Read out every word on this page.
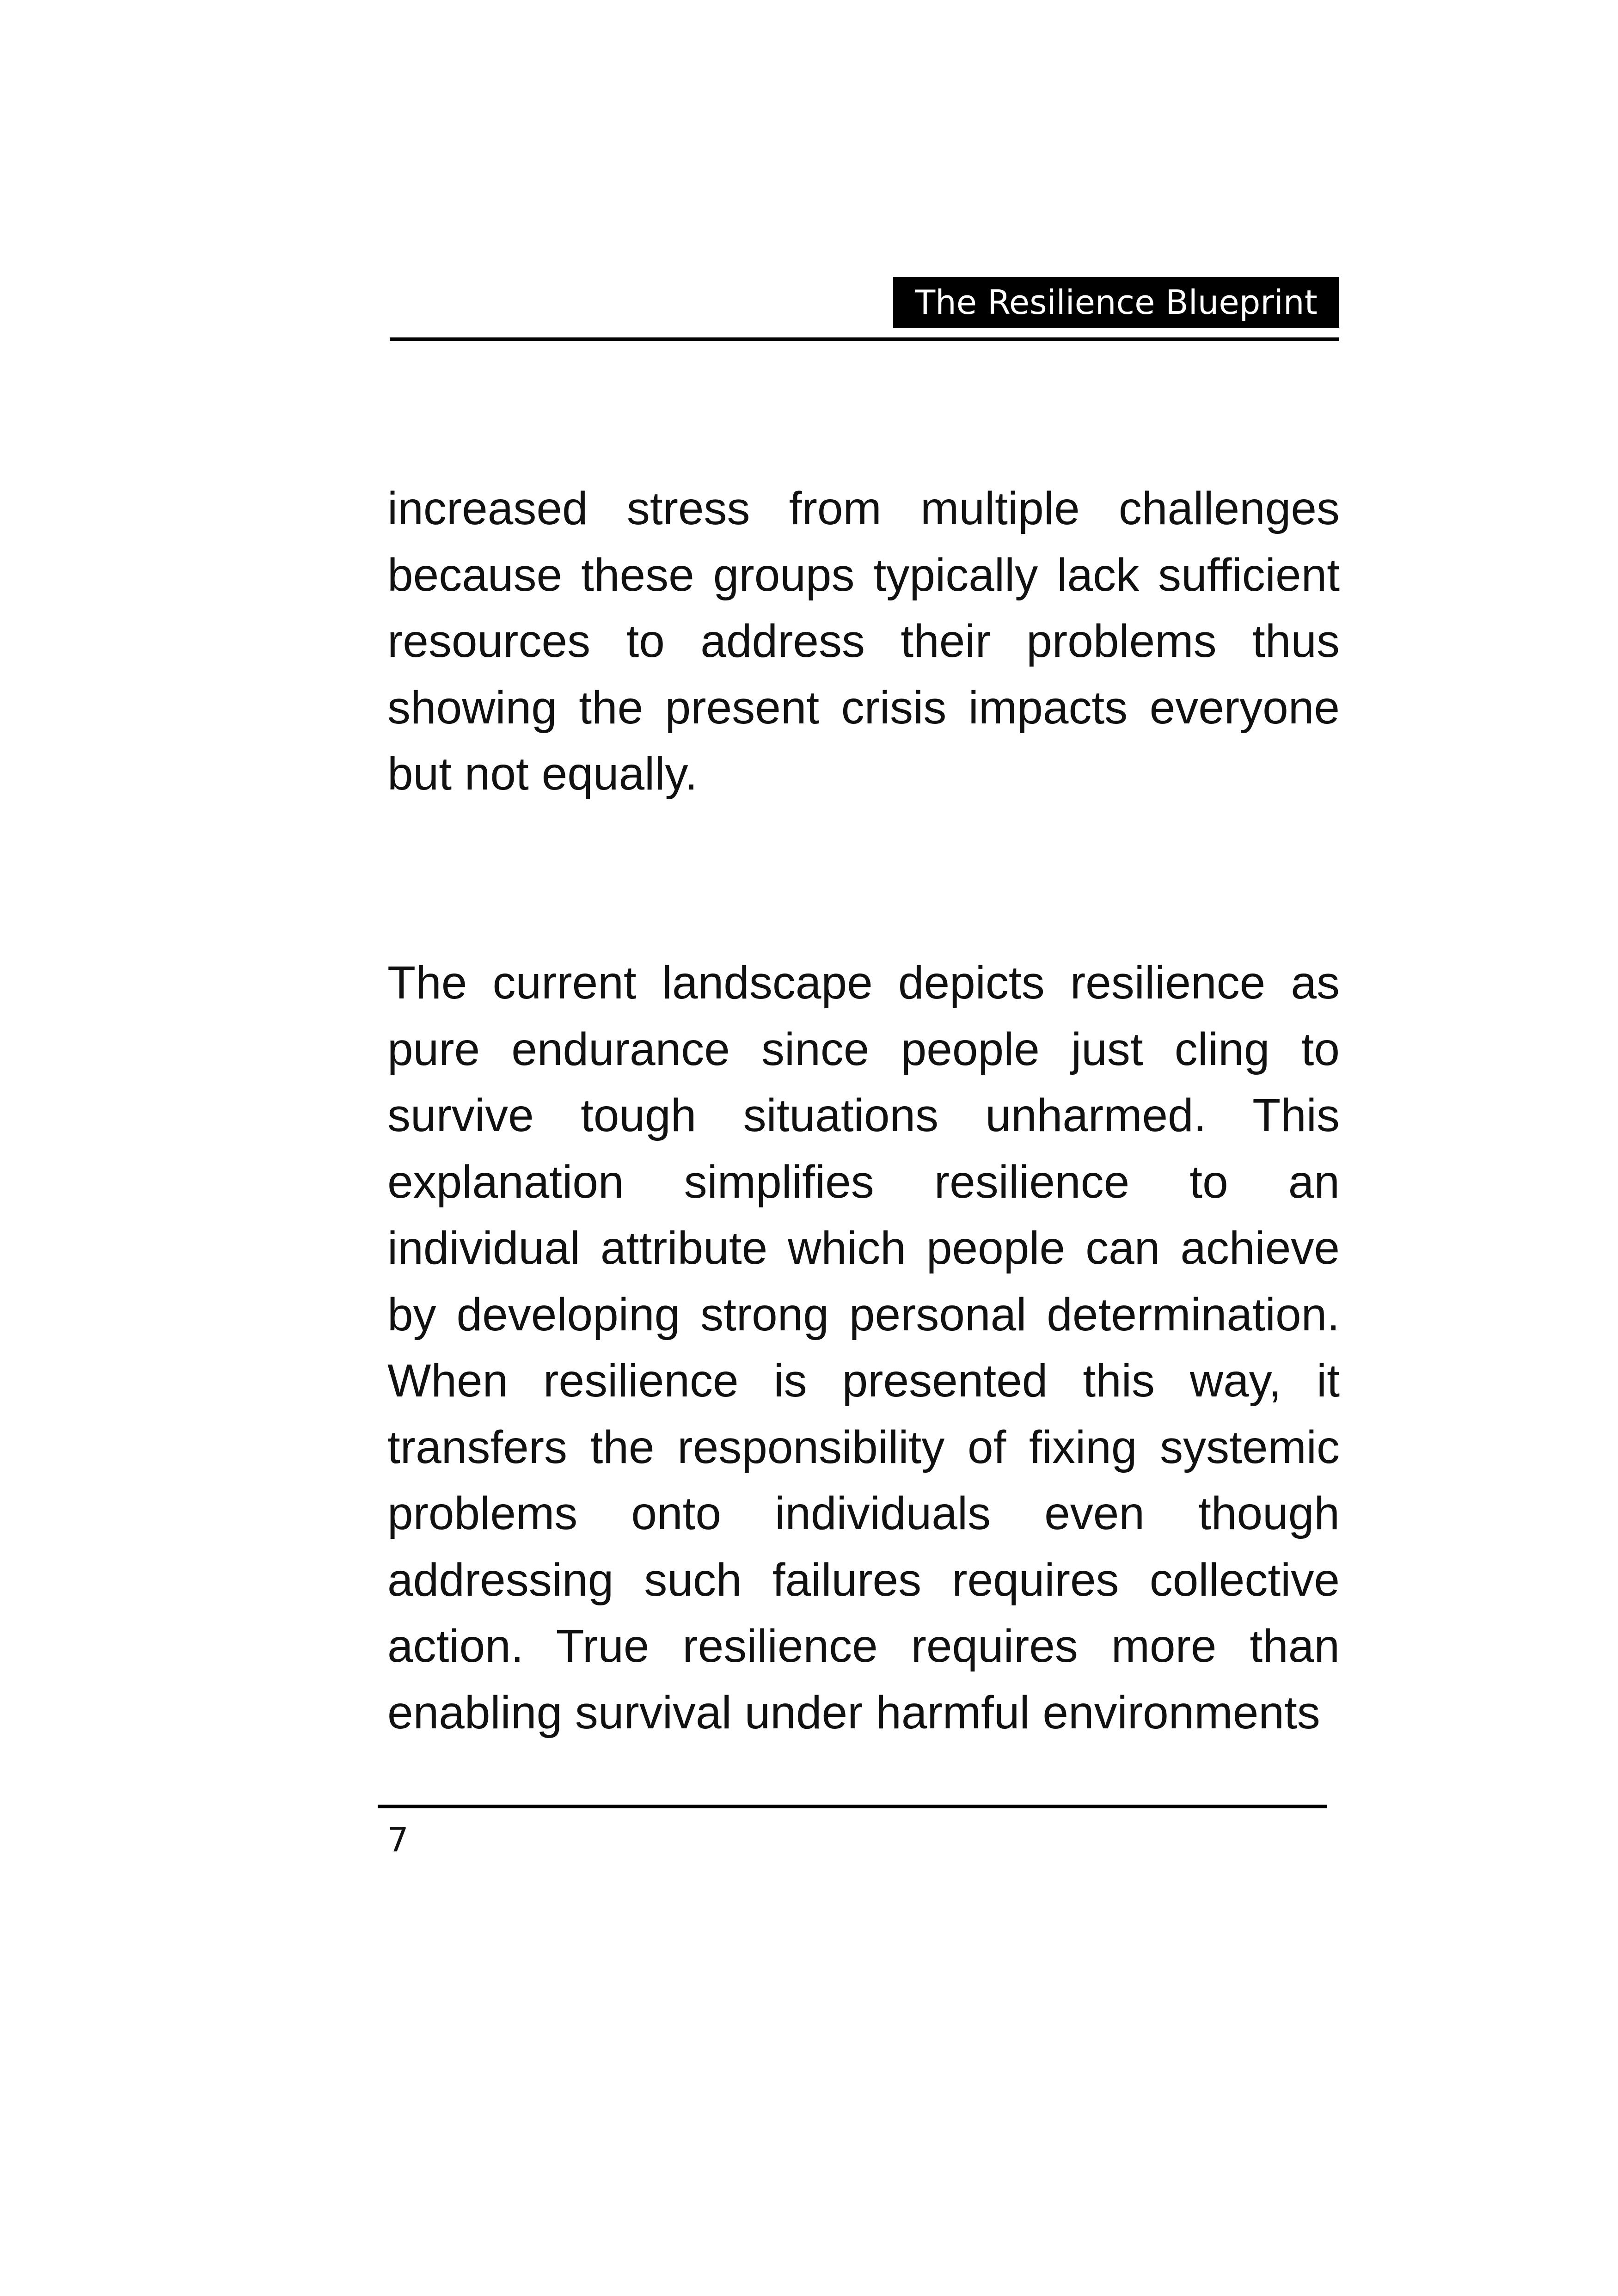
The Resilience Blueprint

increased stress from multiple challenges because these groups typically lack sufficient resources to address their problems thus showing the present crisis impacts everyone but not equally.

The current landscape depicts resilience as pure endurance since people just cling to survive tough situations unharmed. This explanation simplifies resilience to an individual attribute which people can achieve by developing strong personal determination. When resilience is presented this way, it transfers the responsibility of fixing systemic problems onto individuals even though addressing such failures requires collective action. True resilience requires more than enabling survival under harmful environments

7
